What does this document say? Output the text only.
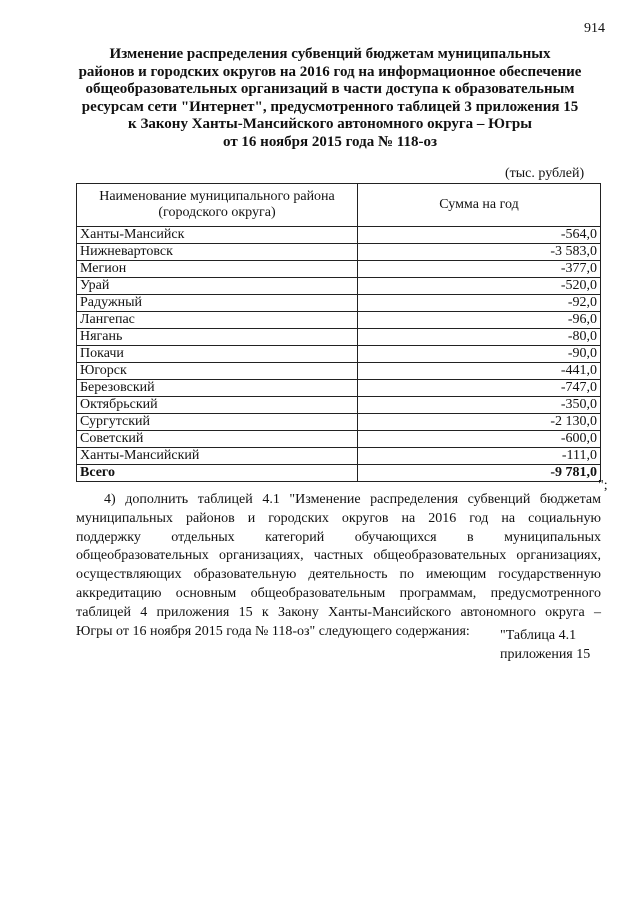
914
Изменение распределения субвенций бюджетам муниципальных
районов и городских округов на 2016 год на информационное обеспечение
общеобразовательных организаций в части доступа к образовательным
ресурсам сети "Интернет", предусмотренного таблицей 3 приложения 15
к Закону Ханты-Мансийского автономного округа – Югры
от 16 ноября 2015 года № 118-оз
(тыс. рублей)
Наименование муниципального района (городского округа)	Сумма на год
Ханты-Мансийск	-564,0
Нижневартовск	-3 583,0
Мегион	-377,0
Урай	-520,0
Радужный	-92,0
Лангепас	-96,0
Нягань	-80,0
Покачи	-90,0
Югорск	-441,0
Березовский	-747,0
Октябрьский	-350,0
Сургутский	-2 130,0
Советский	-600,0
Ханты-Мансийский	-111,0
Всего	-9 781,0
";
4) дополнить таблицей 4.1 "Изменение распределения субвенций бюджетам
муниципальных районов и городских округов на 2016 год на социальную
поддержку отдельных категорий обучающихся в муниципальных
общеобразовательных организациях, частных общеобразовательных организациях,
осуществляющих образовательную деятельность по имеющим государственную
аккредитацию основным общеобразовательным программам, предусмотренного
таблицей 4 приложения 15 к Закону Ханты-Мансийского автономного округа –
Югры от 16 ноября 2015 года № 118-оз" следующего содержания:	"Таблица 4.1
приложения 15
